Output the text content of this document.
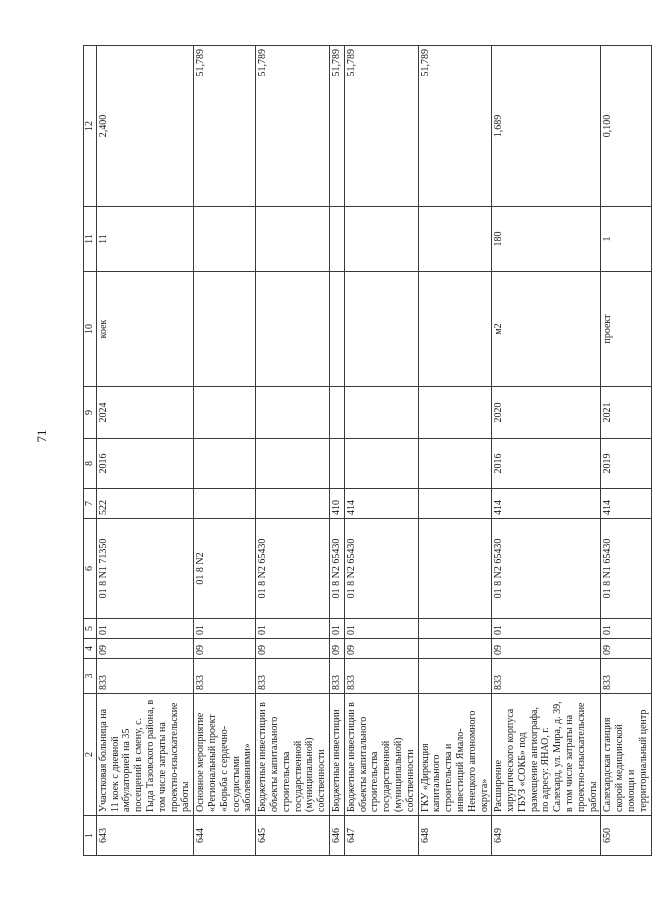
71
1	2	3	4	5	6	7	8	9	10	11	12
643	Участковая больница на 11 коек с дневной амбулаторией на 35 посещений в смену, с. Гыда Тазовского района, в том числе затраты на проектно-изыскательские работы	833	09	01	01 8 N1 71350	522	2016	2024	коек	11	2,400
644	Основное мероприятие «Региональный проект «Борьба с сердечно-сосудистыми заболеваниями»	833	09	01	01 8 N2						51,789
645	Бюджетные инвестиции в объекты капитального строительства государственной (муниципальной) собственности	833	09	01	01 8 N2 65430						51,789
646	Бюджетные инвестиции	833	09	01	01 8 N2 65430	410					51,789
647	Бюджетные инвестиции в объекты капитального строительства государственной (муниципальной) собственности	833	09	01	01 8 N2 65430	414					51,789
648	ГКУ «Дирекция капитального строительства и инвестиций Ямало-Ненецкого автономного округа»										51,789
649	Расширение хирургического корпуса ГБУЗ «СОКБ» под размещение ангиографа, по адресу: ЯНАО, г. Салехард, ул. Мира, д. 39, в том числе затраты на проектно-изыскательские работы	833	09	01	01 8 N2 65430	414	2016	2020	м2	180	1,689
650	Салехардская станция скорой медицинской помощи и территориальный центр	833	09	01	01 8 N1 65430	414	2019	2021	проект	1	0,100
